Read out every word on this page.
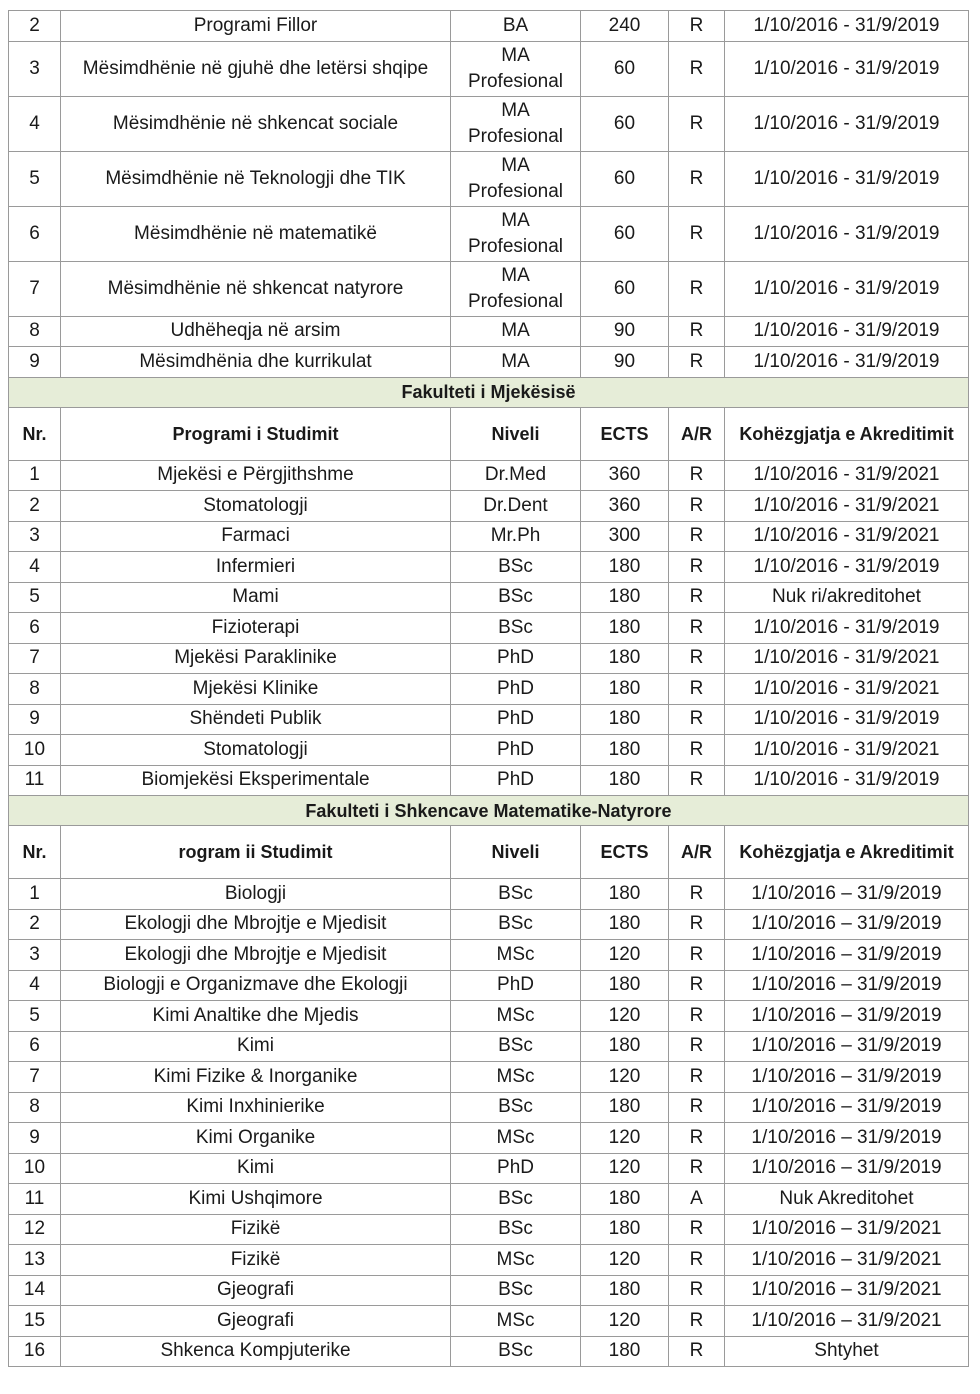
2	Programi Fillor	BA	240	R	1/10/2016 - 31/9/2019
3	Mësimdhënie në gjuhë dhe letërsi shqipe	MA Profesional	60	R	1/10/2016 - 31/9/2019
4	Mësimdhënie në shkencat sociale	MA Profesional	60	R	1/10/2016 - 31/9/2019
5	Mësimdhënie në Teknologji dhe TIK	MA Profesional	60	R	1/10/2016 - 31/9/2019
6	Mësimdhënie në matematikë	MA Profesional	60	R	1/10/2016 - 31/9/2019
7	Mësimdhënie në shkencat natyrore	MA Profesional	60	R	1/10/2016 - 31/9/2019
8	Udhëheqja në arsim	MA	90	R	1/10/2016 - 31/9/2019
9	Mësimdhënia dhe kurrikulat	MA	90	R	1/10/2016 - 31/9/2019
Fakulteti i Mjekësisë					
Nr.	Programi i Studimit	Niveli	ECTS	A/R	Kohëzgjatja e Akreditimit
1	Mjekësi e Përgjithshme	Dr.Med	360	R	1/10/2016 - 31/9/2021
2	Stomatologji	Dr.Dent	360	R	1/10/2016 - 31/9/2021
3	Farmaci	Mr.Ph	300	R	1/10/2016 - 31/9/2021
4	Infermieri	BSc	180	R	1/10/2016 - 31/9/2019
5	Mami	BSc	180	R	Nuk ri/akreditohet
6	Fizioterapi	BSc	180	R	1/10/2016 - 31/9/2019
7	Mjekësi Paraklinike	PhD	180	R	1/10/2016 - 31/9/2021
8	Mjekësi Klinike	PhD	180	R	1/10/2016 - 31/9/2021
9	Shëndeti Publik	PhD	180	R	1/10/2016 - 31/9/2019
10	Stomatologji	PhD	180	R	1/10/2016 - 31/9/2021
11	Biomjekësi Eksperimentale	PhD	180	R	1/10/2016 - 31/9/2019
Fakulteti i Shkencave Matematike-Natyrore					
Nr.	rogram ii Studimit	Niveli	ECTS	A/R	Kohëzgjatja e Akreditimit
1	Biologji	BSc	180	R	1/10/2016 – 31/9/2019
2	Ekologji dhe Mbrojtje e Mjedisit	BSc	180	R	1/10/2016 – 31/9/2019
3	Ekologji dhe Mbrojtje e Mjedisit	MSc	120	R	1/10/2016 – 31/9/2019
4	Biologji e Organizmave dhe Ekologji	PhD	180	R	1/10/2016 – 31/9/2019
5	Kimi Analtike dhe Mjedis	MSc	120	R	1/10/2016 – 31/9/2019
6	Kimi	BSc	180	R	1/10/2016 – 31/9/2019
7	Kimi Fizike & Inorganike	MSc	120	R	1/10/2016 – 31/9/2019
8	Kimi Inxhinierike	BSc	180	R	1/10/2016 – 31/9/2019
9	Kimi Organike	MSc	120	R	1/10/2016 – 31/9/2019
10	Kimi	PhD	120	R	1/10/2016 – 31/9/2019
11	Kimi Ushqimore	BSc	180	A	Nuk Akreditohet
12	Fizikë	BSc	180	R	1/10/2016 – 31/9/2021
13	Fizikë	MSc	120	R	1/10/2016 – 31/9/2021
14	Gjeografi	BSc	180	R	1/10/2016 – 31/9/2021
15	Gjeografi	MSc	120	R	1/10/2016 – 31/9/2021
16	Shkenca Kompjuterike	BSc	180	R	Shtyhet
